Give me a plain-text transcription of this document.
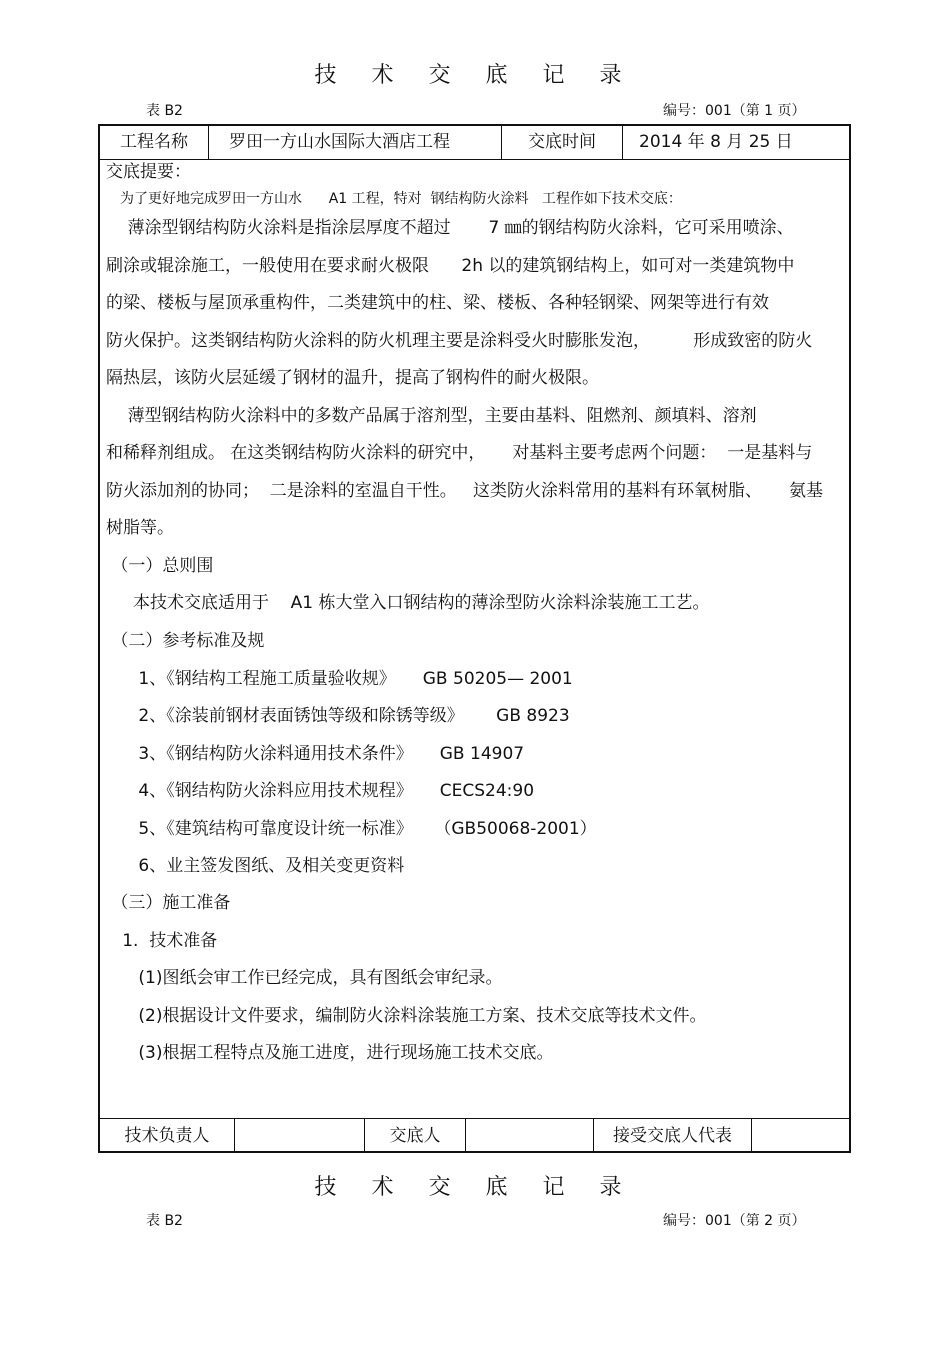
技 术 交 底 记 录
表 B2	编号：001（第 1 页）
工程名称	罗田一方山水国际大酒店工程	交底时间	2014 年 8 月 25 日
交底提要：
为了更好地完成罗田一方山水      A1 工程，特对  钢结构防火涂料   工程作如下技术交底：
薄涂型钢结构防火涂料是指涂层厚度不超过       7 ㎜的钢结构防火涂料，它可采用喷涂、
刷涂或辊涂施工，一般使用在要求耐火极限      2h 以的建筑钢结构上，如可对一类建筑物中
的梁、楼板与屋顶承重构件，二类建筑中的柱、梁、楼板、各种轻钢梁、网架等进行有效
防火保护。这类钢结构防火涂料的防火机理主要是涂料受火时膨胀发泡，        形成致密的防火
隔热层，该防火层延缓了钢材的温升，提高了钢构件的耐火极限。
薄型钢结构防火涂料中的多数产品属于溶剂型，主要由基料、阻燃剂、颜填料、溶剂
和稀释剂组成。 在这类钢结构防火涂料的研究中，     对基料主要考虑两个问题：  一是基料与
防火添加剂的协同；  二是涂料的室温自干性。   这类防火涂料常用的基料有环氧树脂、     氨基
树脂等。
（一）总则围
本技术交底适用于    A1 栋大堂入口钢结构的薄涂型防火涂料涂装施工工艺。
（二）参考标准及规
1、《钢结构工程施工质量验收规》     GB 50205— 2001
2、《涂装前钢材表面锈蚀等级和除锈等级》      GB 8923
3、《钢结构防火涂料通用技术条件》     GB 14907
4、《钢结构防火涂料应用技术规程》     CECS24:90
5、《建筑结构可靠度设计统一标准》    （GB50068-2001）
6、业主签发图纸、及相关变更资料
（三）施工准备
1.  技术准备
(1)图纸会审工作已经完成，具有图纸会审纪录。
(2)根据设计文件要求，编制防火涂料涂装施工方案、技术交底等技术文件。
(3)根据工程特点及施工进度，进行现场施工技术交底。
技术负责人	交底人	接受交底人代表
技 术 交 底 记 录
表 B2	编号：001（第 2 页）
